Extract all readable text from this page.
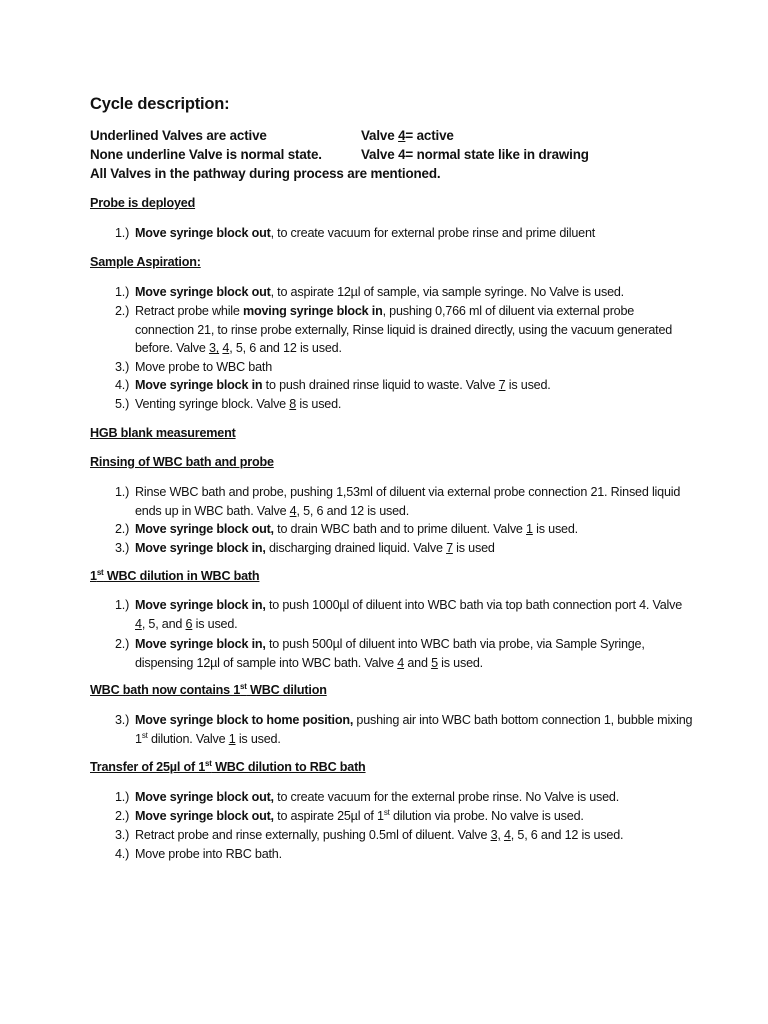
Cycle description:
Underlined Valves are active	Valve 4= active
None underline Valve is normal state.	Valve 4= normal state like in drawing
All Valves in the pathway during process are mentioned.
Probe is deployed
1.) Move syringe block out, to create vacuum for external probe rinse and prime diluent
Sample Aspiration:
1.) Move syringe block out, to aspirate 12µl of sample, via sample syringe. No Valve is used.
2.) Retract probe while moving syringe block in, pushing 0,766 ml of diluent via external probe connection 21, to rinse probe externally, Rinse liquid is drained directly, using the vacuum generated before. Valve 3, 4, 5, 6 and 12 is used.
3.) Move probe to WBC bath
4.) Move syringe block in to push drained rinse liquid to waste. Valve 7 is used.
5.) Venting syringe block. Valve 8 is used.
HGB blank measurement
Rinsing of WBC bath and probe
1.) Rinse WBC bath and probe, pushing 1,53ml of diluent via external probe connection 21. Rinsed liquid ends up in WBC bath. Valve 4, 5, 6 and 12 is used.
2.) Move syringe block out, to drain WBC bath and to prime diluent. Valve 1 is used.
3.) Move syringe block in, discharging drained liquid. Valve 7 is used
1st WBC dilution in WBC bath
1.) Move syringe block in, to push 1000µl of diluent into WBC bath via top bath connection port 4. Valve 4, 5, and 6 is used.
2.) Move syringe block in, to push 500µl of diluent into WBC bath via probe, via Sample Syringe, dispensing 12µl of sample into WBC bath. Valve 4 and 5 is used.
WBC bath now contains 1st WBC dilution
3.) Move syringe block to home position, pushing air into WBC bath bottom connection 1, bubble mixing 1st dilution. Valve 1 is used.
Transfer of 25µl of 1st WBC dilution to RBC bath
1.) Move syringe block out, to create vacuum for the external probe rinse. No Valve is used.
2.) Move syringe block out, to aspirate 25µl of 1st dilution via probe. No valve is used.
3.) Retract probe and rinse externally, pushing 0.5ml of diluent. Valve 3, 4, 5, 6 and 12 is used.
4.) Move probe into RBC bath.
